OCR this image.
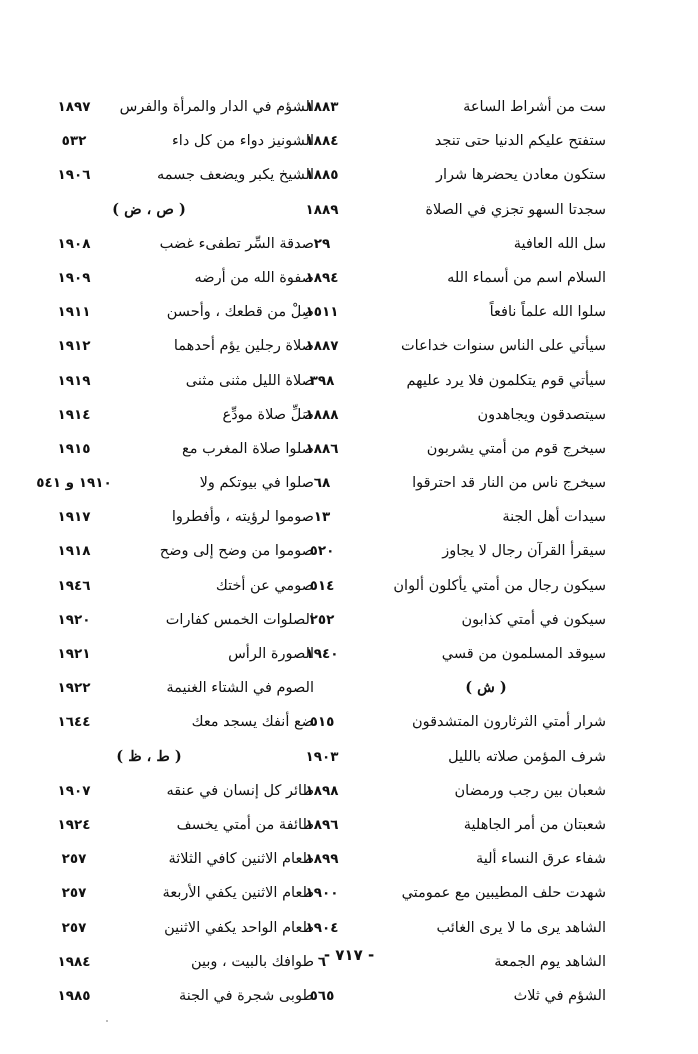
ست من أشراط الساعة
١٨٨٣
ستفتح عليكم الدنيا حتى تنجد
١٨٨٤
ستكون معادن يحضرها شرار
١٨٨٥
سجدتا السهو تجزي في الصلاة
١٨٨٩
سل الله العافية
٢٩
السلام اسم من أسماء الله
١٨٩٤
سلوا الله علماً نافعاً
١٥١١
سيأتي على الناس سنوات خداعات
١٨٨٧
سيأتي قوم يتكلمون فلا يرد عليهم
٣٩٨
سيتصدقون ويجاهدون
١٨٨٨
سيخرج قوم من أمتي يشربون
١٨٨٦
سيخرج ناس من النار قد احترقوا
٦٨
سيدات أهل الجنة
١٣
سيقرأ القرآن رجال لا يجاوز
٥٢٠
سيكون رجال من أمتي يأكلون ألوان
٥١٤
سيكون في أمتي كذابون
٢٥٢
سيوقد المسلمون من قسي
١٩٤٠
( ش )
شرار أمتي الثرثارون المتشدقون
٥١٥
شرف المؤمن صلاته بالليل
١٩٠٣
شعبان بين رجب ورمضان
١٨٩٨
شعبتان من أمر الجاهلية
١٨٩٦
شفاء عرق النساء ألية
١٨٩٩
شهدت حلف المطيبين مع عمومتي
١٩٠٠
الشاهد يرى ما لا يرى الغائب
١٩٠٤
الشاهد يوم الجمعة
٦
الشؤم في ثلاث
٥٦٥
الشؤم في الدار والمرأة والفرس
١٨٩٧
الشونيز دواء من كل داء
٥٣٢
الشيخ يكبر ويضعف جسمه
١٩٠٦
( ص ، ض )
صدقة السِّر تطفىء غضب
١٩٠٨
صفوة الله من أرضه
١٩٠٩
صِلْ من قطعك ، وأحسن
١٩١١
صلاة رجلين يؤم أحدهما
١٩١٢
صلاة الليل مثنى مثنى
١٩١٩
صَلِّ صلاة مودِّع
١٩١٤
صلوا صلاة المغرب مع
١٩١٥
صلوا في بيوتكم ولا
١٩١٠ و ٥٤١
صوموا لرؤيته ، وأفطروا
١٩١٧
صوموا من وضح إلى وضح
١٩١٨
صومي عن أختك
١٩٤٦
الصلوات الخمس كفارات
١٩٢٠
الصورة الرأس
١٩٢١
الصوم في الشتاء الغنيمة
١٩٢٢
ضع أنفك يسجد معك
١٦٤٤
( ط ، ظ )
طائر كل إنسان في عنقه
١٩٠٧
طائفة من أمتي يخسف
١٩٢٤
طعام الاثنين كافي الثلاثة
٢٥٧
طعام الاثنين يكفي الأربعة
٢٥٧
طعام الواحد يكفي الاثنين
٢٥٧
طوافك بالبيت ، وبين
١٩٨٤
طوبى شجرة في الجنة
١٩٨٥
- ٧١٧ -
